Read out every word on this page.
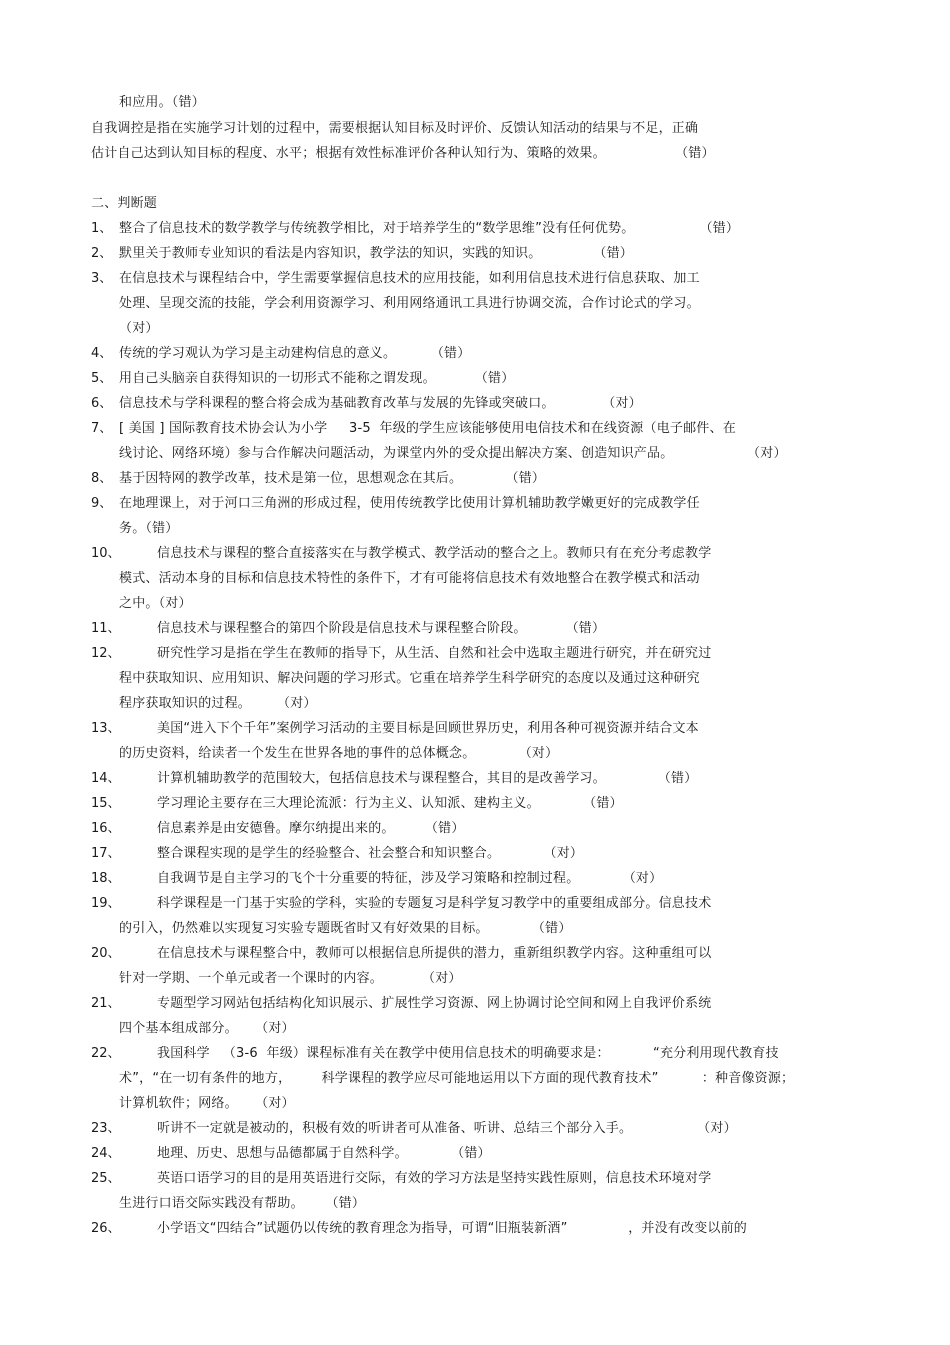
和应用。（错）
自我调控是指在实施学习计划的过程中，需要根据认知目标及时评价、反馈认知活动的结果与不足，正确
估计自己达到认知目标的程度、水平；根据有效性标准评价各种认知行为、策略的效果。                （错）
二、判断题
1、 整合了信息技术的数学教学与传统教学相比，对于培养学生的“数学思维”没有任何优势。               （错）
2、 默里关于教师专业知识的看法是内容知识，教学法的知识，实践的知识。            （错）
3、 在信息技术与课程结合中，学生需要掌握信息技术的应用技能，如利用信息技术进行信息获取、加工
处理、呈现交流的技能，学会利用资源学习、利用网络通讯工具进行协调交流，合作讨论式的学习。
（对）
4、 传统的学习观认为学习是主动建构信息的意义。        （错）
5、 用自己头脑亲自获得知识的一切形式不能称之谓发现。         （错）
6、 信息技术与学科课程的整合将会成为基础教育改革与发展的先锋或突破口。           （对）
7、 [ 美国 ] 国际教育技术协会认为小学     3-5  年级的学生应该能够使用电信技术和在线资源（电子邮件、在
线讨论、网络环境）参与合作解决问题活动，为课堂内外的受众提出解决方案、创造知识产品。                 （对）
8、 基于因特网的教学改革，技术是第一位，思想观念在其后。          （错）
9、 在地理课上，对于河口三角洲的形成过程，使用传统教学比使用计算机辅助教学嫩更好的完成教学任
务。（错）
10、	信息技术与课程的整合直接落实在与教学模式、教学活动的整合之上。教师只有在充分考虑教学
模式、活动本身的目标和信息技术特性的条件下，才有可能将信息技术有效地整合在教学模式和活动
之中。（对）
11、	信息技术与课程整合的第四个阶段是信息技术与课程整合阶段。         （错）
12、	研究性学习是指在学生在教师的指导下，从生活、自然和社会中选取主题进行研究，并在研究过
程中获取知识、应用知识、解决问题的学习形式。它重在培养学生科学研究的态度以及通过这种研究
程序获取知识的过程。      （对）
13、	美国“进入下个千年”案例学习活动的主要目标是回顾世界历史，利用各种可视资源并结合文本
的历史资料，给读者一个发生在世界各地的事件的总体概念。          （对）
14、	计算机辅助教学的范围较大，包括信息技术与课程整合，其目的是改善学习。            （错）
15、	学习理论主要存在三大理论流派：行为主义、认知派、建构主义。          （错）
16、	信息素养是由安德鲁。摩尔纳提出来的。       （错）
17、	整合课程实现的是学生的经验整合、社会整合和知识整合。          （对）
18、	自我调节是自主学习的飞个十分重要的特征，涉及学习策略和控制过程。          （对）
19、	科学课程是一门基于实验的学科，实验的专题复习是科学复习教学中的重要组成部分。信息技术
的引入，仍然难以实现复习实验专题既省时又有好效果的目标。          （错）
20、	在信息技术与课程整合中，教师可以根据信息所提供的潜力，重新组织教学内容。这种重组可以
针对一学期、一个单元或者一个课时的内容。         （对）
21、	专题型学习网站包括结构化知识展示、扩展性学习资源、网上协调讨论空间和网上自我评价系统
四个基本组成部分。    （对）
22、	我国科学   （3-6  年级）课程标准有关在教学中使用信息技术的明确要求是：          “充分利用现代教育技
术”，“在一切有条件的地方，       科学课程的教学应尽可能地运用以下方面的现代教育技术”          ：种音像资源；
计算机软件；网络。    （对）
23、	听讲不一定就是被动的，积极有效的听讲者可从准备、听讲、总结三个部分入手。               （对）
24、	地理、历史、思想与品德都属于自然科学。          （错）
25、	英语口语学习的目的是用英语进行交际，有效的学习方法是坚持实践性原则，信息技术环境对学
生进行口语交际实践没有帮助。     （错）
26、	小学语文“四结合”试题仍以传统的教育理念为指导，可谓“旧瓶装新酒”              ，并没有改变以前的
